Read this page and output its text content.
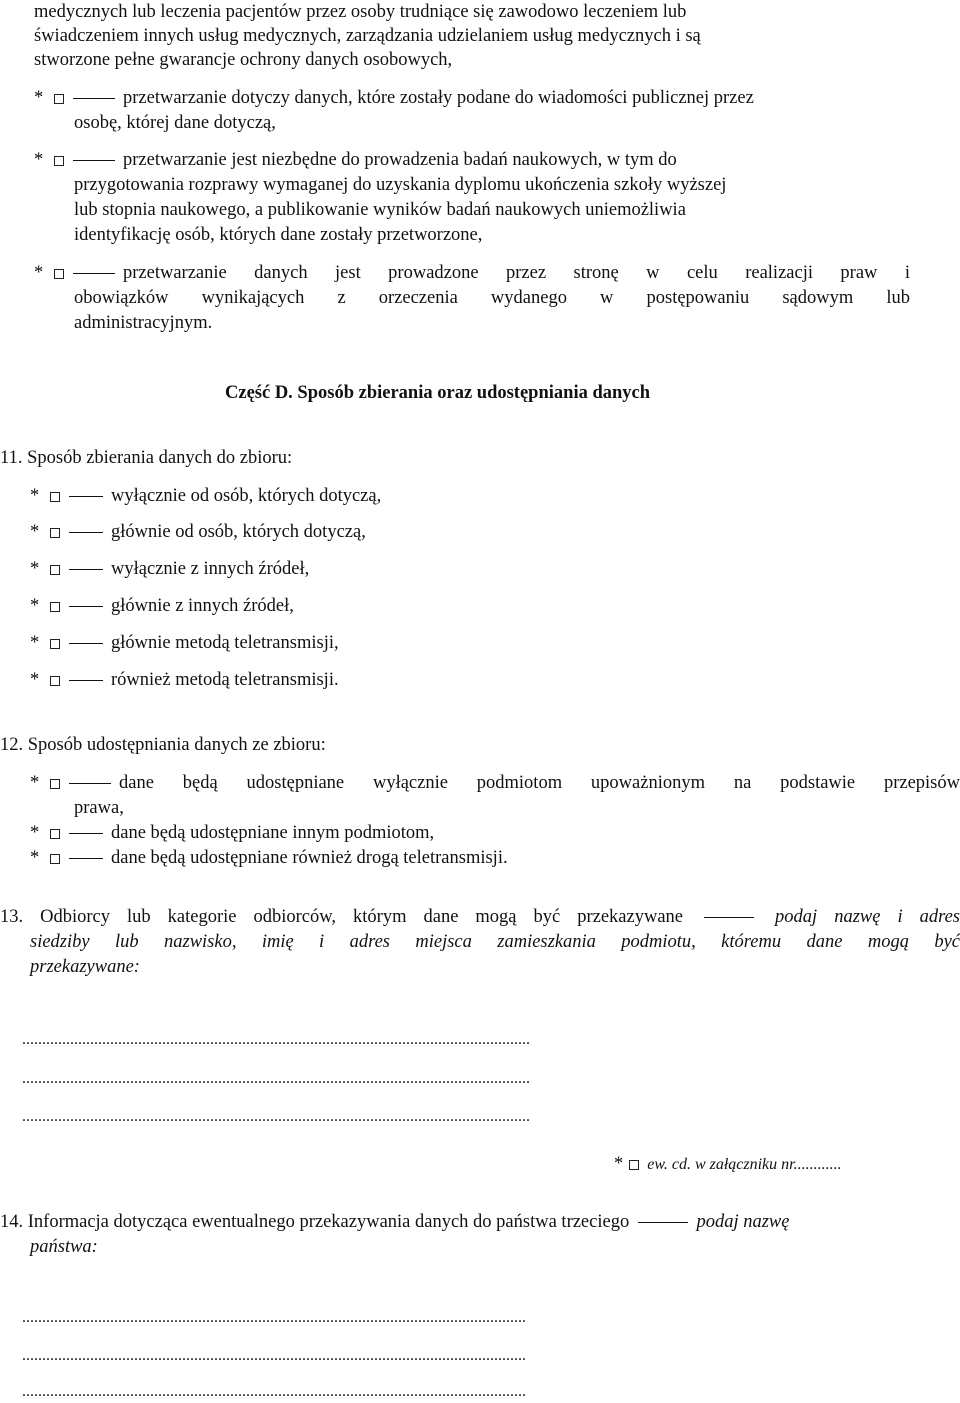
medycznych lub leczenia pacjentów przez osoby trudniące się zawodowo leczeniem lub
świadczeniem innych usług medycznych, zarządzania udzielaniem usług medycznych i są
stworzone pełne gwarancje ochrony danych osobowych,
*	przetwarzanie dotyczy danych, które zostały podane do wiadomości publicznej przez
osobę, której dane dotyczą,
*	przetwarzanie jest niezbędne do prowadzenia badań naukowych, w tym do
przygotowania rozprawy wymaganej do uzyskania dyplomu ukończenia szkoły wyższej
lub stopnia naukowego, a publikowanie wyników badań naukowych uniemożliwia
identyfikację osób, których dane zostały przetworzone,
*	przetwarzanie danych jest prowadzone przez stronę w celu realizacji praw i
obowiązków wynikających z orzeczenia wydanego w postępowaniu sądowym lub
administracyjnym.
Część D. Sposób zbierania oraz udostępniania danych
11. Sposób zbierania danych do zbioru:
*	wyłącznie od osób, których dotyczą,
*	głównie od osób, których dotyczą,
*	wyłącznie z innych źródeł,
*	głównie z innych źródeł,
*	głównie metodą teletransmisji,
*	również metodą teletransmisji.
12. Sposób udostępniania danych ze zbioru:
*	dane będą udostępniane wyłącznie podmiotom upoważnionym na podstawie przepisów
prawa,
*	dane będą udostępniane innym podmiotom,
*	dane będą udostępniane również drogą teletransmisji.
13. Odbiorcy lub kategorie odbiorców, którym dane mogą być przekazywane	podaj nazwę i adres
siedziby lub nazwisko, imię i adres miejsca zamieszkania podmiotu, któremu dane mogą być
przekazywane:
...............................................................................................................................
...............................................................................................................................
...............................................................................................................................
* ew. cd. w załączniku nr............
14. Informacja dotycząca ewentualnego przekazywania danych do państwa trzeciego	podaj nazwę
państwa:
..............................................................................................................................
..............................................................................................................................
..............................................................................................................................
